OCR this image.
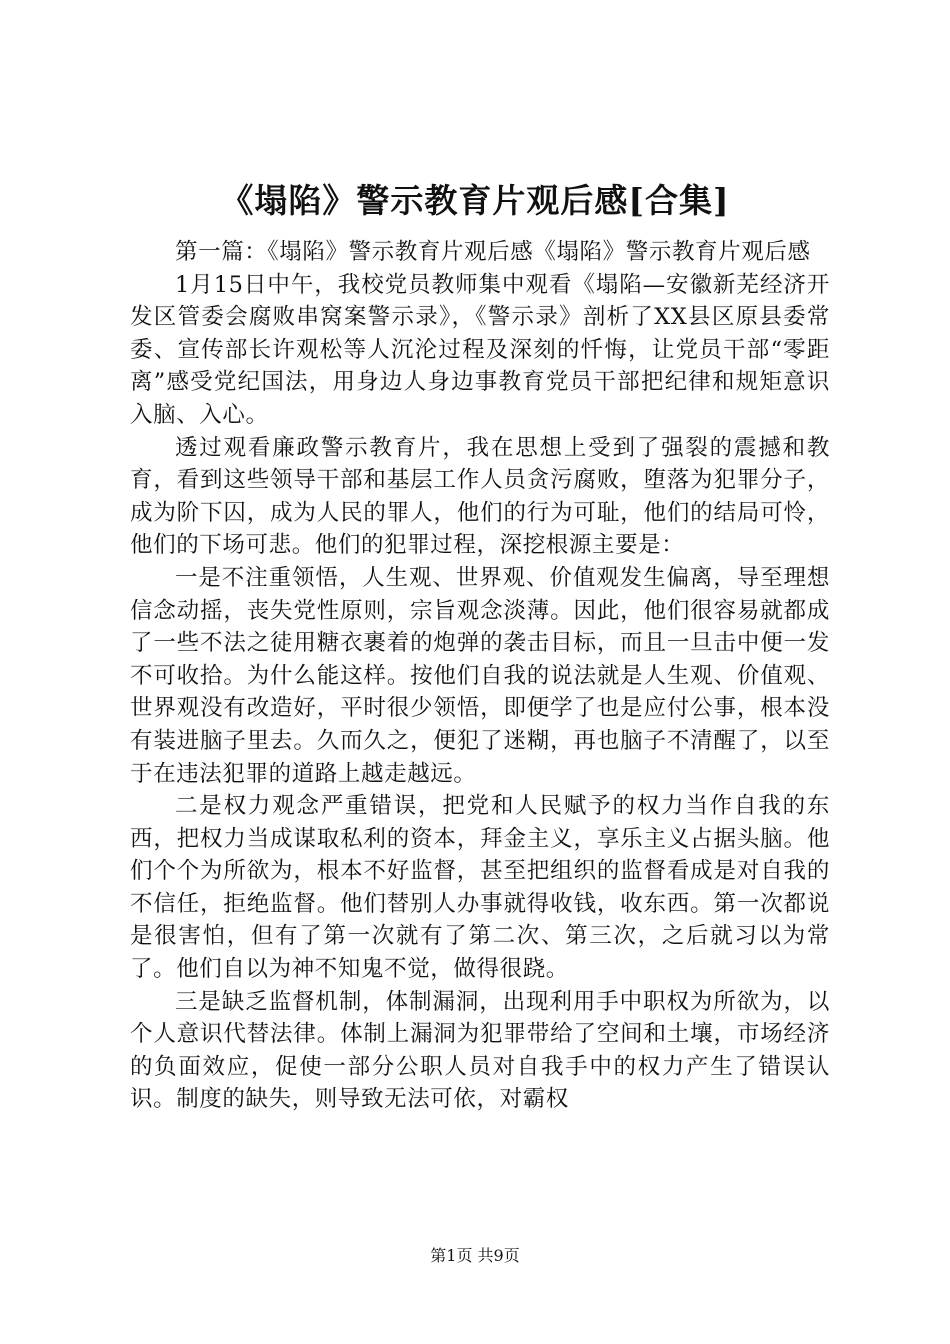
《塌陷》警示教育片观后感[合集]

第一篇：《塌陷》警示教育片观后感《塌陷》警示教育片观后感

1月15日中午，我校党员教师集中观看《塌陷—安徽新芜经济开发区管委会腐败串窝案警示录》，《警示录》剖析了XX县区原县委常委、宣传部长许观松等人沉沦过程及深刻的忏悔，让党员干部“零距离”感受党纪国法，用身边人身边事教育党员干部把纪律和规矩意识入脑、入心。

透过观看廉政警示教育片，我在思想上受到了强裂的震撼和教育，看到这些领导干部和基层工作人员贪污腐败，堕落为犯罪分子，成为阶下囚，成为人民的罪人，他们的行为可耻，他们的结局可怜，他们的下场可悲。他们的犯罪过程，深挖根源主要是：

一是不注重领悟，人生观、世界观、价值观发生偏离，导至理想信念动摇，丧失党性原则，宗旨观念淡薄。因此，他们很容易就都成了一些不法之徒用糖衣裹着的炮弹的袭击目标，而且一旦击中便一发不可收拾。为什么能这样。按他们自我的说法就是人生观、价值观、世界观没有改造好，平时很少领悟，即便学了也是应付公事，根本没有装进脑子里去。久而久之，便犯了迷糊，再也脑子不清醒了，以至于在违法犯罪的道路上越走越远。

二是权力观念严重错误，把党和人民赋予的权力当作自我的东西，把权力当成谋取私利的资本，拜金主义，享乐主义占据头脑。他们个个为所欲为，根本不好监督，甚至把组织的监督看成是对自我的不信任，拒绝监督。他们替别人办事就得收钱，收东西。第一次都说是很害怕，但有了第一次就有了第二次、第三次，之后就习以为常了。他们自以为神不知鬼不觉，做得很跷。

三是缺乏监督机制，体制漏洞，出现利用手中职权为所欲为，以个人意识代替法律。体制上漏洞为犯罪带给了空间和土壤，市场经济的负面效应，促使一部分公职人员对自我手中的权力产生了错误认识。制度的缺失，则导致无法可依，对霸权

第1页 共9页
